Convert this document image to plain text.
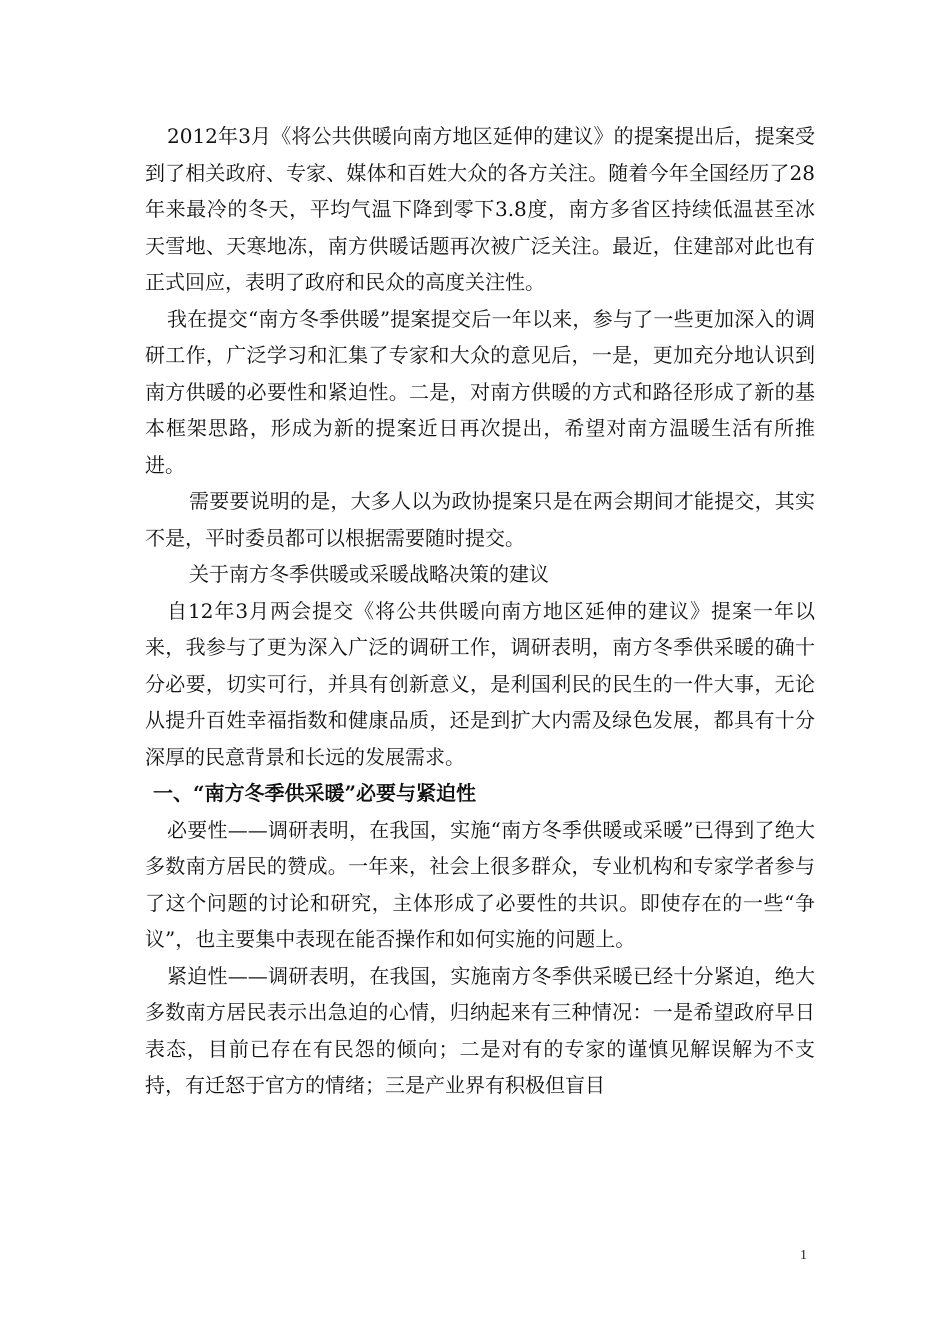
2012年3月《将公共供暖向南方地区延伸的建议》的提案提出后，提案受到了相关政府、专家、媒体和百姓大众的各方关注。随着今年全国经历了28年来最冷的冬天，平均气温下降到零下3.8度，南方多省区持续低温甚至冰天雪地、天寒地冻，南方供暖话题再次被广泛关注。最近，住建部对此也有正式回应，表明了政府和民众的高度关注性。

我在提交“南方冬季供暖”提案提交后一年以来，参与了一些更加深入的调研工作，广泛学习和汇集了专家和大众的意见后，一是，更加充分地认识到南方供暖的必要性和紧迫性。二是，对南方供暖的方式和路径形成了新的基本框架思路，形成为新的提案近日再次提出，希望对南方温暖生活有所推进。

需要要说明的是，大多人以为政协提案只是在两会期间才能提交，其实不是，平时委员都可以根据需要随时提交。

关于南方冬季供暖或采暖战略决策的建议

自12年3月两会提交《将公共供暖向南方地区延伸的建议》提案一年以来，我参与了更为深入广泛的调研工作，调研表明，南方冬季供采暖的确十分必要，切实可行，并具有创新意义，是利国利民的民生的一件大事，无论从提升百姓幸福指数和健康品质，还是到扩大内需及绿色发展，都具有十分深厚的民意背景和长远的发展需求。

一、“南方冬季供采暖”必要与紧迫性

必要性——调研表明，在我国，实施“南方冬季供暖或采暖”已得到了绝大多数南方居民的赞成。一年来，社会上很多群众，专业机构和专家学者参与了这个问题的讨论和研究，主体形成了必要性的共识。即使存在的一些“争议”，也主要集中表现在能否操作和如何实施的问题上。

紧迫性——调研表明，在我国，实施南方冬季供采暖已经十分紧迫，绝大多数南方居民表示出急迫的心情，归纳起来有三种情况：一是希望政府早日表态，目前已存在有民怨的倾向；二是对有的专家的谨慎见解误解为不支持，有迁怒于官方的情绪；三是产业界有积极但盲目

1
